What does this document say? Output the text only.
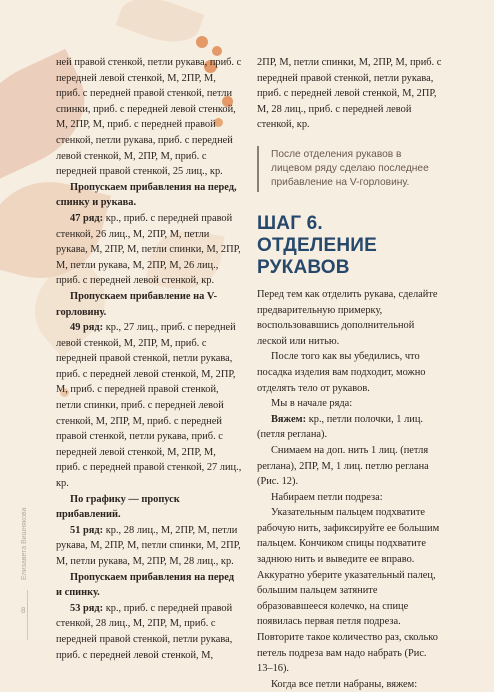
Елизавета Вишнякова
8

ней правой стенкой, петли рукава, приб. с передней левой стенкой, М, 2ПР, М, приб. с передней правой стенкой, петли спинки, приб. с передней левой стенкой, М, 2ПР, М, приб. с передней правой стенкой, петли рукава, приб. с передней левой стенкой, М, 2ПР, М, приб. с передней правой стенкой, 25 лиц., кр.

Пропускаем прибавления на перед, спинку и рукава.

47 ряд: кр., приб. с передней правой стенкой, 26 лиц., М, 2ПР, М, петли рукава, М, 2ПР, М, петли спинки, М, 2ПР, М, петли рукава, М, 2ПР, М, 26 лиц., приб. с передней левой стенкой, кр.

Пропускаем прибавление на V-горловину.

49 ряд: кр., 27 лиц., приб. с передней левой стенкой, М, 2ПР, М, приб. с передней правой стенкой, петли рукава, приб. с передней левой стенкой, М, 2ПР, М, приб. с передней правой стенкой, петли спинки, приб. с передней левой стенкой, М, 2ПР, М, приб. с передней правой стенкой, петли рукава, приб. с передней левой стенкой, М, 2ПР, М, приб. с передней правой стенкой, 27 лиц., кр.

По графику — пропуск прибавлений.

51 ряд: кр., 28 лиц., М, 2ПР, М, петли рукава, М, 2ПР, М, петли спинки, М, 2ПР, М, петли рукава, М, 2ПР, М, 28 лиц., кр.

Пропускаем прибавления на перед и спинку.

53 ряд: кр., приб. с передней правой стенкой, 28 лиц., М, 2ПР, М, приб. с передней правой стенкой, петли рукава, приб. с передней левой стенкой, М,

2ПР, М, петли спинки, М, 2ПР, М, приб. с передней правой стенкой, петли рукава, приб. с передней левой стенкой, М, 2ПР, М, 28 лиц., приб. с передней левой стенкой, кр.

После отделения рукавов в лицевом ряду сделаю последнее прибавление на V-горловину.
ШАГ 6. ОТДЕЛЕНИЕ РУКАВОВ

Перед тем как отделить рукава, сделайте предварительную примерку, воспользовавшись дополнительной леской или нитью.

После того как вы убедились, что посадка изделия вам подходит, можно отделять тело от рукавов.

Мы в начале ряда:

Вяжем: кр., петли полочки, 1 лиц. (петля реглана).

Снимаем на доп. нить 1 лиц. (петля реглана), 2ПР, М, 1 лиц. петлю реглана (Рис. 12).

Набираем петли подреза:

Указательным пальцем подхватите рабочую нить, зафиксируйте ее большим пальцем. Кончиком спицы подхватите заднюю нить и выведите ее вправо. Аккуратно уберите указательный палец, большим пальцем затяните образовавшееся колечко, на спице появилась первая петля подреза. Повторите такое количество раз, сколько петель подреза вам надо набрать (Рис. 13–16).

Когда все петли набраны, вяжем:
